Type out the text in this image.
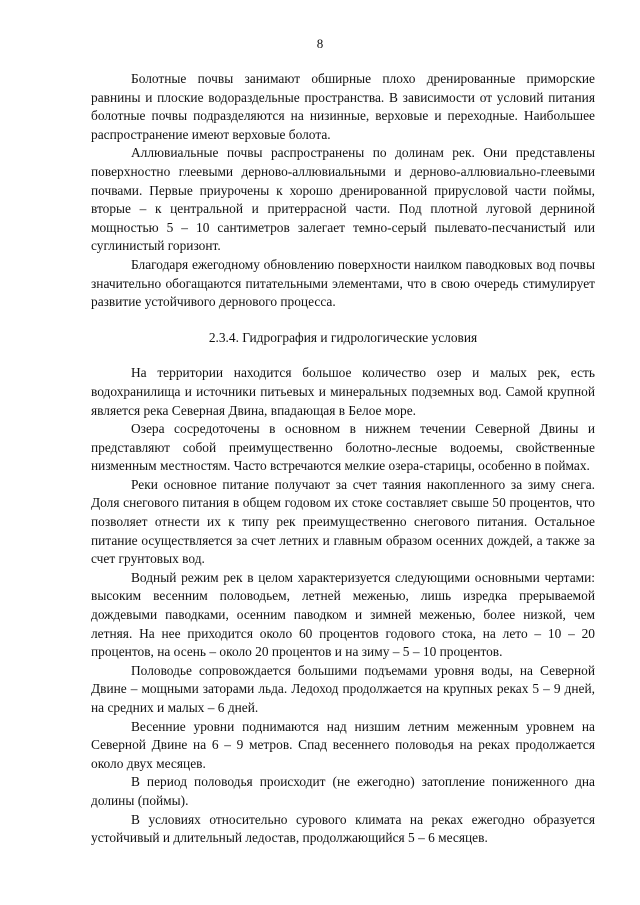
8

Болотные почвы занимают обширные плохо дренированные приморские равнины и плоские водораздельные пространства. В зависимости от условий питания болотные почвы подразделяются на низинные, верховые и переходные. Наибольшее распространение имеют верховые болота.

Аллювиальные почвы распространены по долинам рек. Они представлены поверхностно глеевыми дерново-аллювиальными и дерново-аллювиально-глеевыми почвами. Первые приурочены к хорошо дренированной прирусловой части поймы, вторые – к центральной и притеррасной части. Под плотной луговой дерниной мощностью 5 – 10 сантиметров залегает темно-серый пылевато-песчанистый или суглинистый горизонт.

Благодаря ежегодному обновлению поверхности наилком паводковых вод почвы значительно обогащаются питательными элементами, что в свою очередь стимулирует развитие устойчивого дернового процесса.

2.3.4. Гидрография и гидрологические условия

На территории находится большое количество озер и малых рек, есть водохранилища и источники питьевых и минеральных подземных вод. Самой крупной является река Северная Двина, впадающая в Белое море.

Озера сосредоточены в основном в нижнем течении Северной Двины и представляют собой преимущественно болотно-лесные водоемы, свойственные низменным местностям. Часто встречаются мелкие озера-старицы, особенно в поймах.

Реки основное питание получают за счет таяния накопленного за зиму снега. Доля снегового питания в общем годовом их стоке составляет свыше 50 процентов, что позволяет отнести их к типу рек преимущественно снегового питания. Остальное питание осуществляется за счет летних и главным образом осенних дождей, а также за счет грунтовых вод.

Водный режим рек в целом характеризуется следующими основными чертами: высоким весенним половодьем, летней меженью, лишь изредка прерываемой дождевыми паводками, осенним паводком и зимней меженью, более низкой, чем летняя. На нее приходится около 60 процентов годового стока, на лето – 10 – 20 процентов, на осень – около 20 процентов и на зиму – 5 – 10 процентов.

Половодье сопровождается большими подъемами уровня воды, на Северной Двине – мощными заторами льда. Ледоход продолжается на крупных реках 5 – 9 дней, на средних и малых – 6 дней.

Весенние уровни поднимаются над низшим летним меженным уровнем на Северной Двине на 6 – 9 метров. Спад весеннего половодья на реках продолжается около двух месяцев.

В период половодья происходит (не ежегодно) затопление пониженного дна долины (поймы).

В условиях относительно сурового климата на реках ежегодно образуется устойчивый и длительный ледостав, продолжающийся 5 – 6 месяцев.
